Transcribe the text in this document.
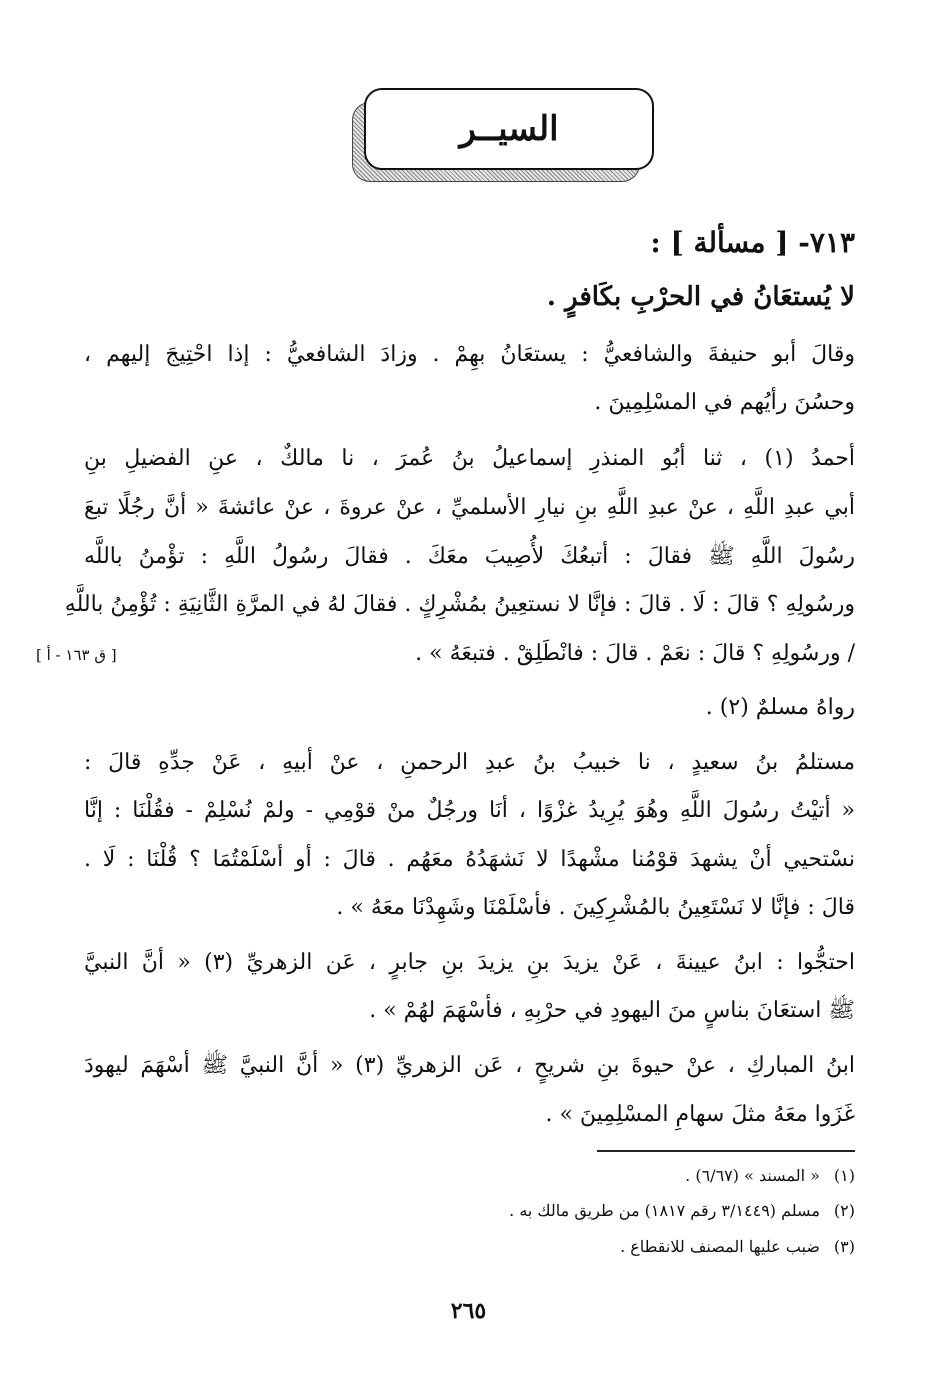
السيــر
٧١٣- [ مسألة ] :
لا يُستعَانُ في الحرْبِ بكَافرٍ .
وقالَ أبو حنيفةَ والشافعيُّ : يستعَانُ بهِمْ . وزادَ الشافعيُّ : إذا احْتِيجَ إليهم ،
وحسُنَ رأيُهم في المسْلِمِينَ .
أحمدُ (١) ، ثنا أبُو المنذرِ إسماعيلُ بنُ عُمرَ ، نا مالكٌ ، عنِ الفضيلِ بنِ
أبي عبدِ اللَّهِ ، عنْ عبدِ اللَّهِ بنِ نيارِ الأسلميِّ ، عنْ عروةَ ، عنْ عائشةَ « أنَّ رجُلًا تبعَ
رسُولَ اللَّهِ ﷺ فقالَ : أتبعُكَ لأُصِيبَ معَكَ . فقالَ رسُولُ اللَّهِ : تؤْمنُ باللَّه
ورسُولِهِ ؟ قالَ : لَا . قالَ : فإنَّا لا نستعِينُ بمُشْرِكٍ . فقالَ لهُ في المرَّةِ الثَّانِيَةِ : تُؤْمِنُ باللَّهِ
/ ورسُولِهِ ؟ قالَ : نعَمْ . قالَ : فانْطَلِقْ . فتبعَهُ » .
[ ق ١٦٣ - أ ]
رواهُ مسلمٌ (٢) .
مستلمُ بنُ سعيدٍ ، نا خبيبُ بنُ عبدِ الرحمنِ ، عنْ أبيهِ ، عَنْ جدِّهِ قالَ :
« أتيْتُ رسُولَ اللَّهِ وهُوَ يُرِيدُ غزْوًا ، أنَا ورجُلٌ منْ قوْمِي - ولمْ نُسْلِمْ - فقُلْنَا : إنَّا
نسْتحيي أنْ يشهدَ قوْمُنا مشْهدًا لا نَشهَدُهُ معَهُم . قالَ : أو أسْلَمْتُمَا ؟ قُلْنَا : لَا .
قالَ : فإنَّا لا نَسْتَعِينُ بالمُشْرِكِينَ . فأسْلَمْنَا وشَهِدْنَا معَهُ » .
احتجُّوا : ابنُ عيينةَ ، عَنْ يزيدَ بنِ يزيدَ بنِ جابرٍ ، عَن الزهريِّ (٣) « أنَّ النبيَّ
ﷺ استعَانَ بناسٍ منَ اليهودِ في حرْبِهِ ، فأسْهَمَ لهُمْ » .
ابنُ المباركِ ، عنْ حيوةَ بنِ شريحٍ ، عَن الزهريِّ (٣) « أنَّ النبيَّ ﷺ أسْهَمَ ليهودَ
غَزَوا معَهُ مثلَ سهامِ المسْلِمِينَ » .
(١)« المسند » (٦/٦٧) .
(٢)مسلم (٣/١٤٤٩ رقم ١٨١٧) من طريق مالك به .
(٣)ضبب عليها المصنف للانقطاع .
٢٦٥
